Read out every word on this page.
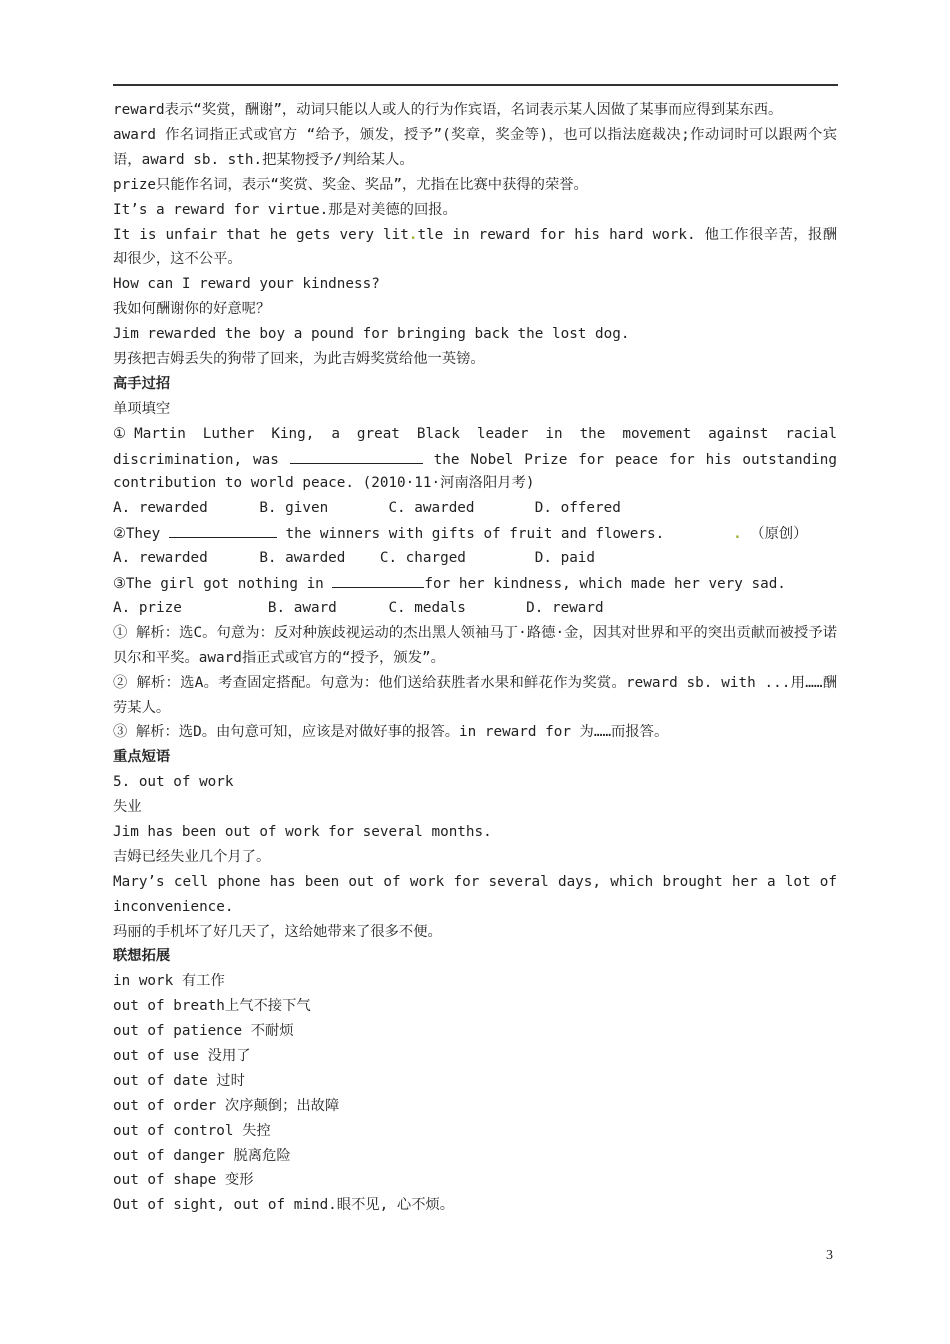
reward表示“奖赏，酬谢”，动词只能以人或人的行为作宾语，名词表示某人因做了某事而应得到某东西。
award 作名词指正式或官方 “给予，颁发，授予”(奖章，奖金等)，也可以指法庭裁决;作动词时可以跟两个宾语，award sb. sth.把某物授予/判给某人。
prize只能作名词，表示“奖赏、奖金、奖品”，尤指在比赛中获得的荣誉。
It’s a reward for virtue.那是对美德的回报。
It is unfair that he gets very lit.tle in reward for his hard work. 他工作很辛苦，报酬却很少，这不公平。
How can I reward your kindness?
我如何酬谢你的好意呢？
Jim rewarded the boy a pound for bringing back the lost dog.
男孩把吉姆丢失的狗带了回来，为此吉姆奖赏给他一英镑。
高手过招
单项填空
①Martin Luther King, a great Black leader in the movement against racial
discrimination, was	the Nobel Prize for peace for his outstanding
contribution to world peace. (2010·11·河南洛阳月考)
A. rewarded      B. given       C. awarded       D. offered
②They	the winners with gifts of fruit and flowers.	. （原创）
A. rewarded      B. awarded    C. charged        D. paid
③The girl got nothing in	for her kindness, which made her very sad.
A. prize          B. award      C. medals       D. reward
① 解析：选C。句意为：反对种族歧视运动的杰出黑人领袖马丁·路德·金，因其对世界和平的突出贡献而被授予诺贝尔和平奖。award指正式或官方的“授予，颁发”。
② 解析：选A。考查固定搭配。句意为：他们送给获胜者水果和鲜花作为奖赏。reward sb. with ...用……酬劳某人。
③ 解析：选D。由句意可知，应该是对做好事的报答。in reward for 为……而报答。
重点短语
5. out of work
失业
Jim has been out of work for several months.
吉姆已经失业几个月了。
Mary’s cell phone has been out of work for several days, which brought her a lot of inconvenience.
玛丽的手机坏了好几天了，这给她带来了很多不便。
联想拓展
in work 有工作
out of breath上气不接下气
out of patience 不耐烦
out of use 没用了
out of date 过时
out of order 次序颠倒；出故障
out of control 失控
out of danger 脱离危险
out of shape 变形
Out of sight, out of mind.眼不见, 心不烦。
3
